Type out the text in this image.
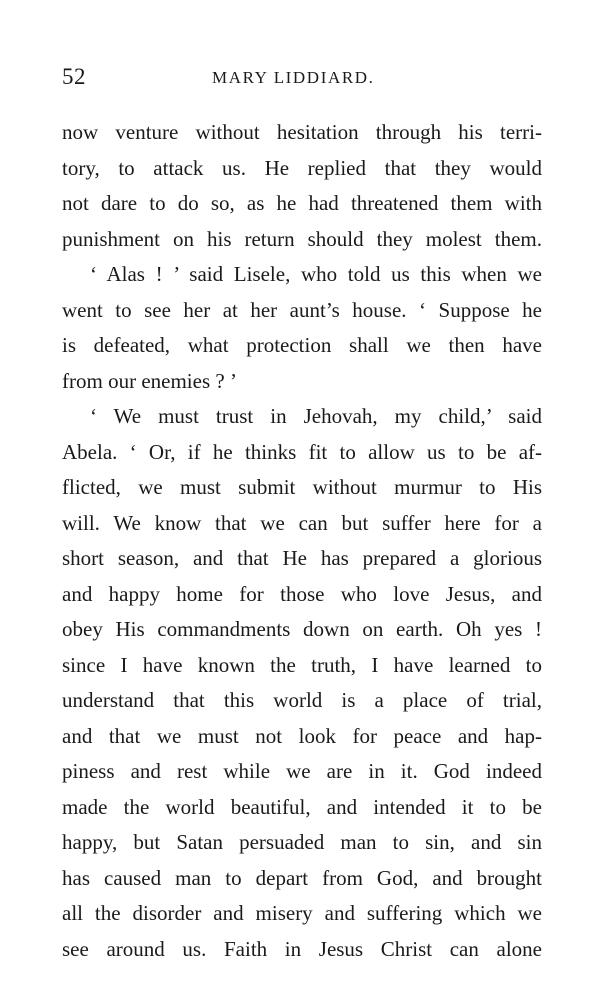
52	MARY LIDDIARD.
now venture without hesitation through his terri-
tory, to attack us. He replied that they would
not dare to do so, as he had threatened them with
punishment on his return should they molest them.
‘ Alas ! ’ said Lisele, who told us this when we
went to see her at her aunt’s house. ‘ Suppose he
is defeated, what protection shall we then have
from our enemies ? ’
‘ We must trust in Jehovah, my child,’ said
Abela. ‘ Or, if he thinks fit to allow us to be af-
flicted, we must submit without murmur to His
will. We know that we can but suffer here for a
short season, and that He has prepared a glorious
and happy home for those who love Jesus, and
obey His commandments down on earth. Oh yes !
since I have known the truth, I have learned to
understand that this world is a place of trial,
and that we must not look for peace and hap-
piness and rest while we are in it. God indeed
made the world beautiful, and intended it to be
happy, but Satan persuaded man to sin, and sin
has caused man to depart from God, and brought
all the disorder and misery and suffering which we
see around us. Faith in Jesus Christ can alone
